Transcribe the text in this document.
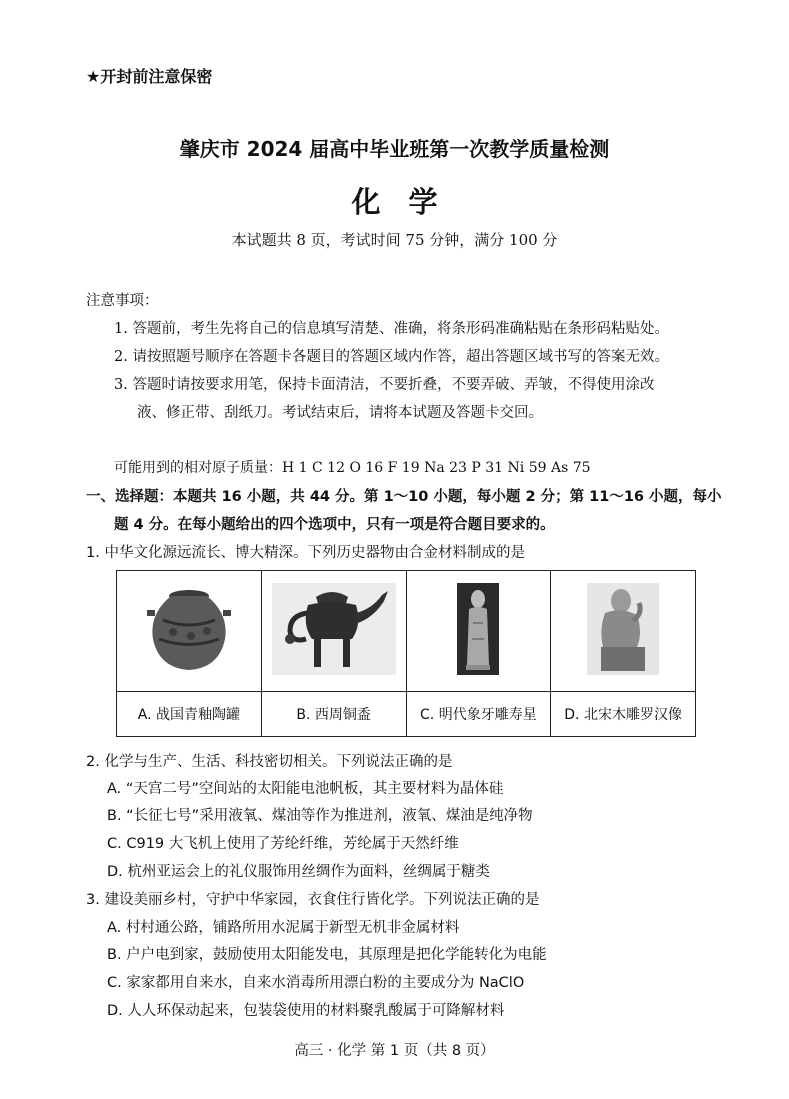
★开封前注意保密
肇庆市 2024 届高中毕业班第一次教学质量检测
化学
本试题共 8 页，考试时间 75 分钟，满分 100 分
注意事项：
1. 答题前，考生先将自己的信息填写清楚、准确，将条形码准确粘贴在条形码粘贴处。
2. 请按照题号顺序在答题卡各题目的答题区域内作答，超出答题区域书写的答案无效。
3. 答题时请按要求用笔，保持卡面清洁，不要折叠，不要弄破、弄皱，不得使用涂改
液、修正带、刮纸刀。考试结束后，请将本试题及答题卡交回。
可能用到的相对原子质量：H 1 C 12 O 16 F 19 Na 23 P 31 Ni 59 As 75
一、选择题：本题共 16 小题，共 44 分。第 1～10 小题，每小题 2 分；第 11～16 小题，每小
题 4 分。在每小题给出的四个选项中，只有一项是符合题目要求的。
1. 中华文化源远流长、博大精深。下列历史器物由合金材料制成的是

A. 战国青釉陶罐	B. 西周铜盉	C. 明代象牙雕寿星	D. 北宋木雕罗汉像
2. 化学与生产、生活、科技密切相关。下列说法正确的是
A. “天宫二号”空间站的太阳能电池帆板，其主要材料为晶体硅
B. “长征七号”采用液氧、煤油等作为推进剂，液氧、煤油是纯净物
C. C919 大飞机上使用了芳纶纤维，芳纶属于天然纤维
D. 杭州亚运会上的礼仪服饰用丝绸作为面料，丝绸属于糖类
3. 建设美丽乡村，守护中华家园，衣食住行皆化学。下列说法正确的是
A. 村村通公路，铺路所用水泥属于新型无机非金属材料
B. 户户电到家，鼓励使用太阳能发电，其原理是把化学能转化为电能
C. 家家都用自来水，自来水消毒所用漂白粉的主要成分为 NaClO
D. 人人环保动起来，包装袋使用的材料聚乳酸属于可降解材料
高三 · 化学 第 1 页（共 8 页）
